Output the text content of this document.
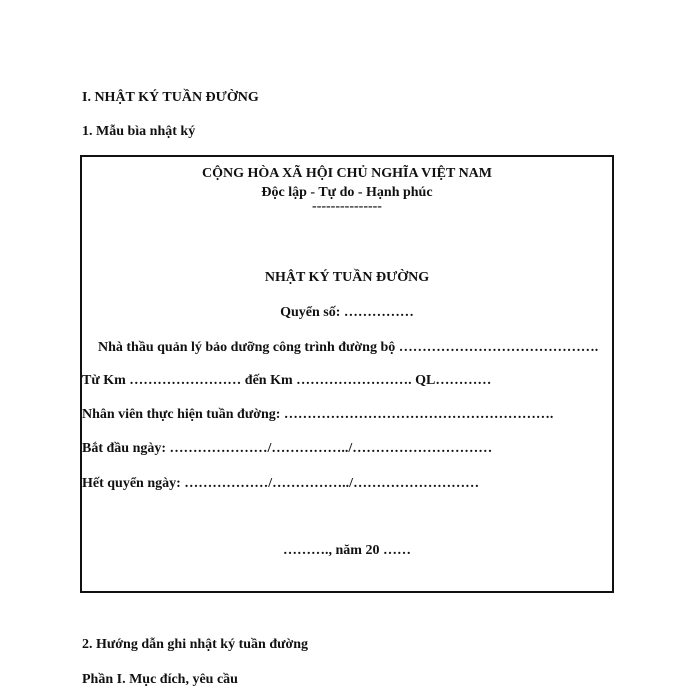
I. NHẬT KÝ TUẦN ĐƯỜNG
1. Mẫu bìa nhật ký
CỘNG HÒA XÃ HỘI CHỦ NGHĨA VIỆT NAM
Độc lập - Tự do - Hạnh phúc
---------------
NHẬT KÝ TUẦN ĐƯỜNG
Quyển số: ……………
Nhà thầu quản lý bảo dưỡng công trình đường bộ …………………………………….
Từ Km …………………… đến Km ……………………. QL…………
Nhân viên thực hiện tuần đường: ………………………………………………….
Bắt đầu ngày: …………………/……………../…………………………
Hết quyển ngày: ………………/……………../………………………
………., năm 20 ……
2. Hướng dẫn ghi nhật ký tuần đường
Phần I. Mục đích, yêu cầu
